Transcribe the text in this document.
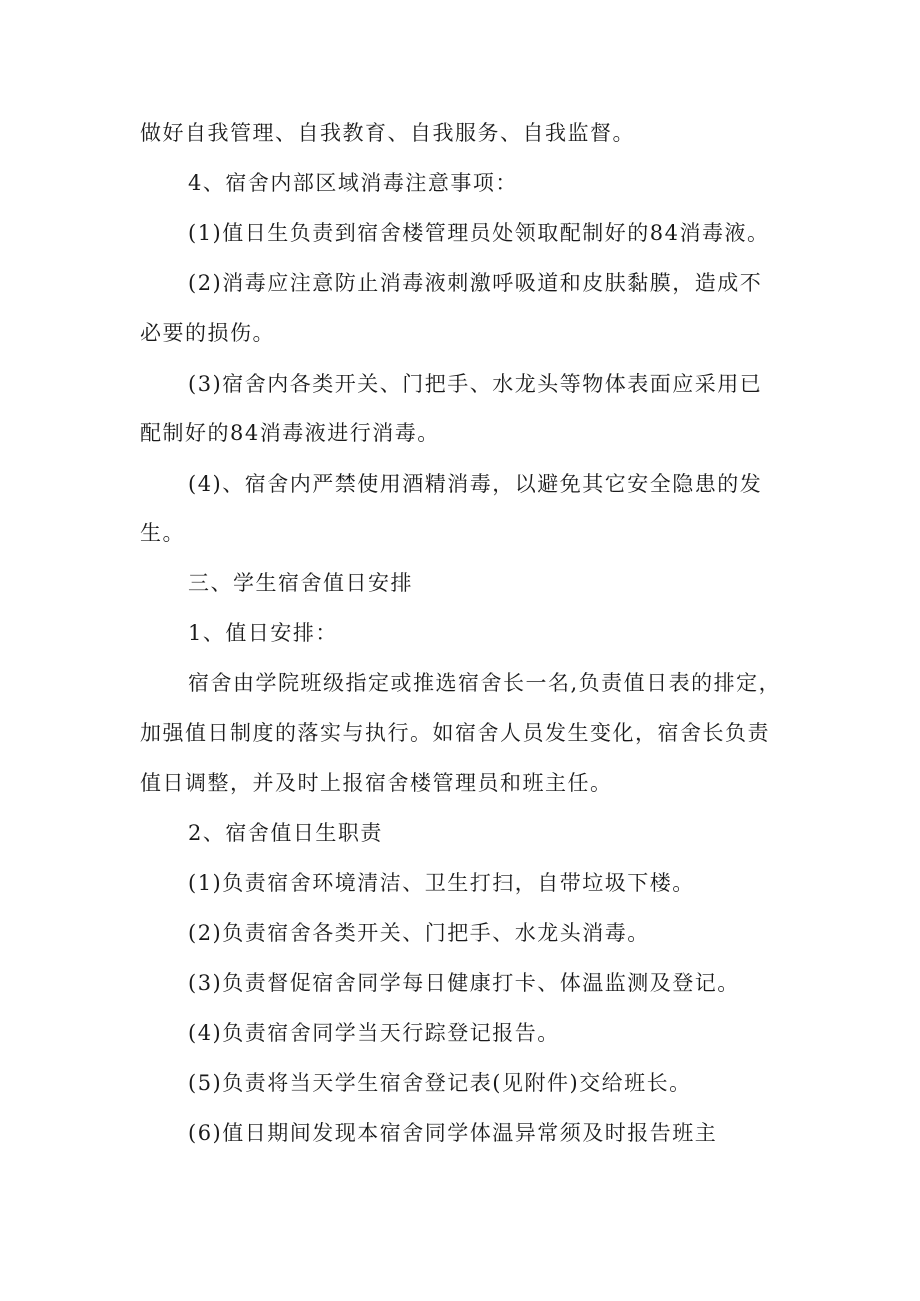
做好自我管理、自我教育、自我服务、自我监督。
4、宿舍内部区域消毒注意事项：
(1)值日生负责到宿舍楼管理员处领取配制好的84消毒液。
(2)消毒应注意防止消毒液刺激呼吸道和皮肤黏膜，造成不
必要的损伤。
(3)宿舍内各类开关、门把手、水龙头等物体表面应采用已
配制好的84消毒液进行消毒。
(4)、宿舍内严禁使用酒精消毒，以避免其它安全隐患的发
生。
三、学生宿舍值日安排
1、值日安排：
宿舍由学院班级指定或推选宿舍长一名,负责值日表的排定，
加强值日制度的落实与执行。如宿舍人员发生变化，宿舍长负责
值日调整，并及时上报宿舍楼管理员和班主任。
2、宿舍值日生职责
(1)负责宿舍环境清洁、卫生打扫，自带垃圾下楼。
(2)负责宿舍各类开关、门把手、水龙头消毒。
(3)负责督促宿舍同学每日健康打卡、体温监测及登记。
(4)负责宿舍同学当天行踪登记报告。
(5)负责将当天学生宿舍登记表(见附件)交给班长。
(6)值日期间发现本宿舍同学体温异常须及时报告班主
